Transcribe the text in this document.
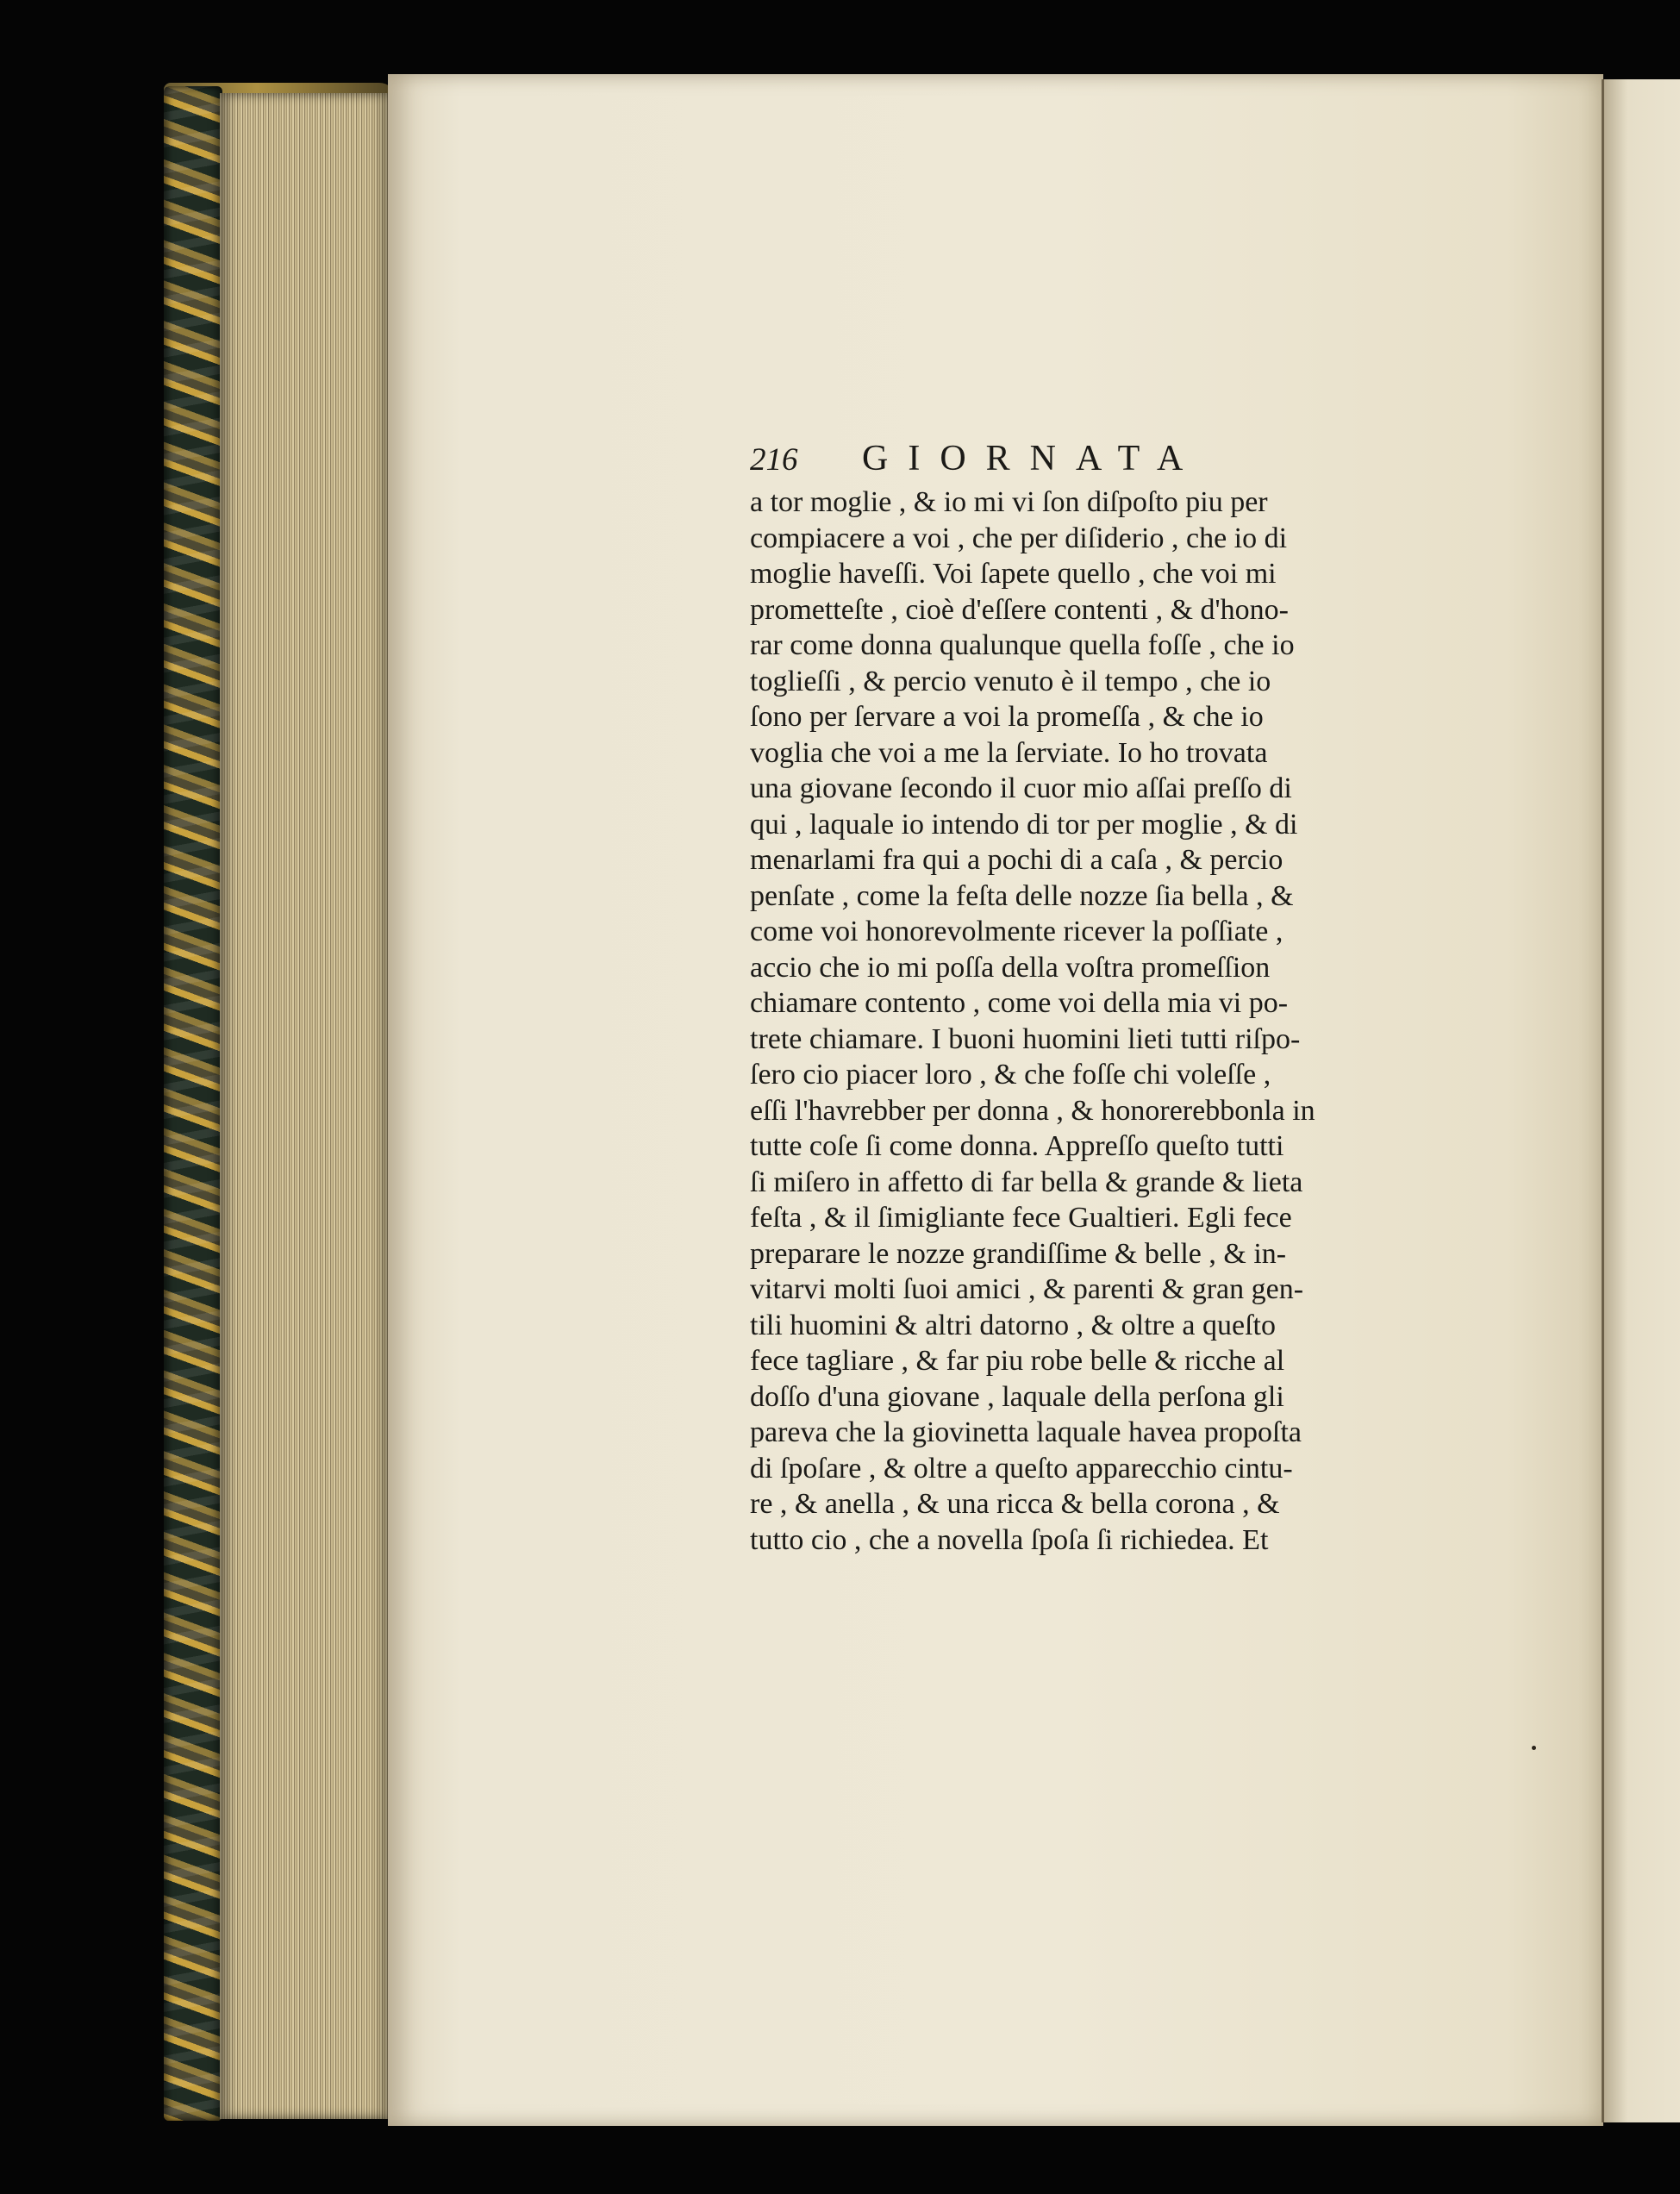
216	GIORNATA
a tor moglie , & io mi vi ſon diſpoſto piu per
compiacere a voi , che per diſiderio , che io di
moglie haveſſi. Voi ſapete quello , che voi mi
prometteſte , cioè d'eſſere contenti , & d'hono-
rar come donna qualunque quella foſſe , che io
toglieſſi , & percio venuto è il tempo , che io
ſono per ſervare a voi la promeſſa , & che io
voglia che voi a me la ſerviate. Io ho trovata
una giovane ſecondo il cuor mio aſſai preſſo di
qui , laquale io intendo di tor per moglie , & di
menarlami fra qui a pochi di a caſa , & percio
penſate , come la feſta delle nozze ſia bella , &
come voi honorevolmente ricever la poſſiate ,
accio che io mi poſſa della voſtra promeſſion
chiamare contento , come voi della mia vi po-
trete chiamare. I buoni huomini lieti tutti riſpo-
ſero cio piacer loro , & che foſſe chi voleſſe ,
eſſi l'havrebber per donna , & honorerebbonla in
tutte coſe ſi come donna. Appreſſo queſto tutti
ſi miſero in affetto di far bella & grande & lieta
feſta , & il ſimigliante fece Gualtieri. Egli fece
preparare le nozze grandiſſime & belle , & in-
vitarvi molti ſuoi amici , & parenti & gran gen-
tili huomini & altri datorno , & oltre a queſto
fece tagliare , & far piu robe belle & ricche al
doſſo d'una giovane , laquale della perſona gli
pareva che la giovinetta laquale havea propoſta
di ſpoſare , & oltre a queſto apparecchio cintu-
re , & anella , & una ricca & bella corona , &
tutto cio , che a novella ſpoſa ſi richiedea. Et
